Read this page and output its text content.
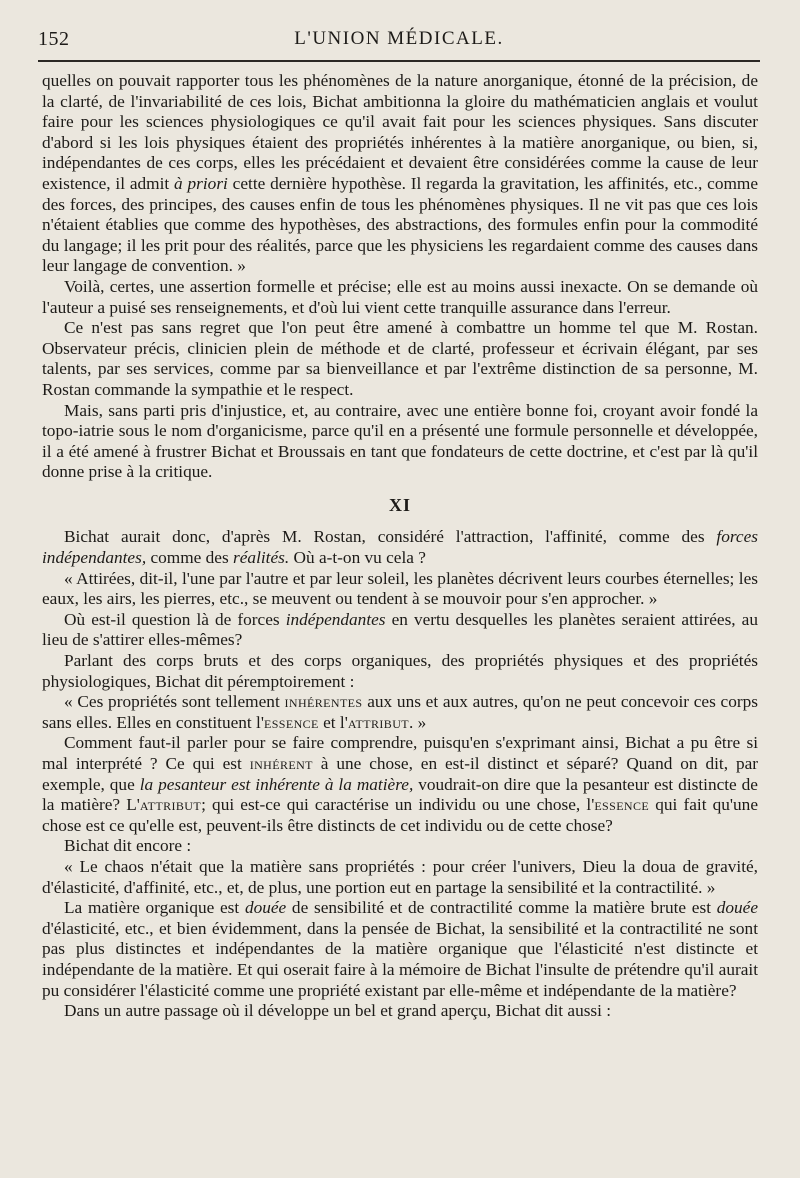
152	L'UNION MÉDICALE.

quelles on pouvait rapporter tous les phénomènes de la nature anorganique, étonné de la précision, de la clarté, de l'invariabilité de ces lois, Bichat ambitionna la gloire du mathématicien anglais et voulut faire pour les sciences physiologiques ce qu'il avait fait pour les sciences physiques. Sans discuter d'abord si les lois physiques étaient des propriétés inhérentes à la matière anorganique, ou bien, si, indépendantes de ces corps, elles les précédaient et devaient être considérées comme la cause de leur existence, il admit à priori cette dernière hypothèse. Il regarda la gravitation, les affinités, etc., comme des forces, des principes, des causes enfin de tous les phénomènes physiques. Il ne vit pas que ces lois n'étaient établies que comme des hypothèses, des abstractions, des formules enfin pour la commodité du langage; il les prit pour des réalités, parce que les physiciens les regardaient comme des causes dans leur langage de convention. »

Voilà, certes, une assertion formelle et précise; elle est au moins aussi inexacte. On se demande où l'auteur a puisé ses renseignements, et d'où lui vient cette tranquille assurance dans l'erreur.

Ce n'est pas sans regret que l'on peut être amené à combattre un homme tel que M. Rostan. Observateur précis, clinicien plein de méthode et de clarté, professeur et écrivain élégant, par ses talents, par ses services, comme par sa bienveillance et par l'extrême distinction de sa personne, M. Rostan commande la sympathie et le respect.

Mais, sans parti pris d'injustice, et, au contraire, avec une entière bonne foi, croyant avoir fondé la topo-iatrie sous le nom d'organicisme, parce qu'il en a présenté une formule personnelle et développée, il a été amené à frustrer Bichat et Broussais en tant que fondateurs de cette doctrine, et c'est par là qu'il donne prise à la critique.

XI

Bichat aurait donc, d'après M. Rostan, considéré l'attraction, l'affinité, comme des forces indépendantes, comme des réalités. Où a-t-on vu cela ?

« Attirées, dit-il, l'une par l'autre et par leur soleil, les planètes décrivent leurs courbes éternelles; les eaux, les airs, les pierres, etc., se meuvent ou tendent à se mouvoir pour s'en approcher. »

Où est-il question là de forces indépendantes en vertu desquelles les planètes seraient attirées, au lieu de s'attirer elles-mêmes?

Parlant des corps bruts et des corps organiques, des propriétés physiques et des propriétés physiologiques, Bichat dit péremptoirement :

« Ces propriétés sont tellement inhérentes aux uns et aux autres, qu'on ne peut concevoir ces corps sans elles. Elles en constituent l'essence et l'attribut. »

Comment faut-il parler pour se faire comprendre, puisqu'en s'exprimant ainsi, Bichat a pu être si mal interprété ? Ce qui est inhérent à une chose, en est-il distinct et séparé? Quand on dit, par exemple, que la pesanteur est inhérente à la matière, voudrait-on dire que la pesanteur est distincte de la matière? L'attribut; qui est-ce qui caractérise un individu ou une chose, l'essence qui fait qu'une chose est ce qu'elle est, peuvent-ils être distincts de cet individu ou de cette chose?

Bichat dit encore :

« Le chaos n'était que la matière sans propriétés : pour créer l'univers, Dieu la doua de gravité, d'élasticité, d'affinité, etc., et, de plus, une portion eut en partage la sensibilité et la contractilité. »

La matière organique est douée de sensibilité et de contractilité comme la matière brute est douée d'élasticité, etc., et bien évidemment, dans la pensée de Bichat, la sensibilité et la contractilité ne sont pas plus distinctes et indépendantes de la matière organique que l'élasticité n'est distincte et indépendante de la matière. Et qui oserait faire à la mémoire de Bichat l'insulte de prétendre qu'il aurait pu considérer l'élasticité comme une propriété existant par elle-même et indépendante de la matière?

Dans un autre passage où il développe un bel et grand aperçu, Bichat dit aussi :
